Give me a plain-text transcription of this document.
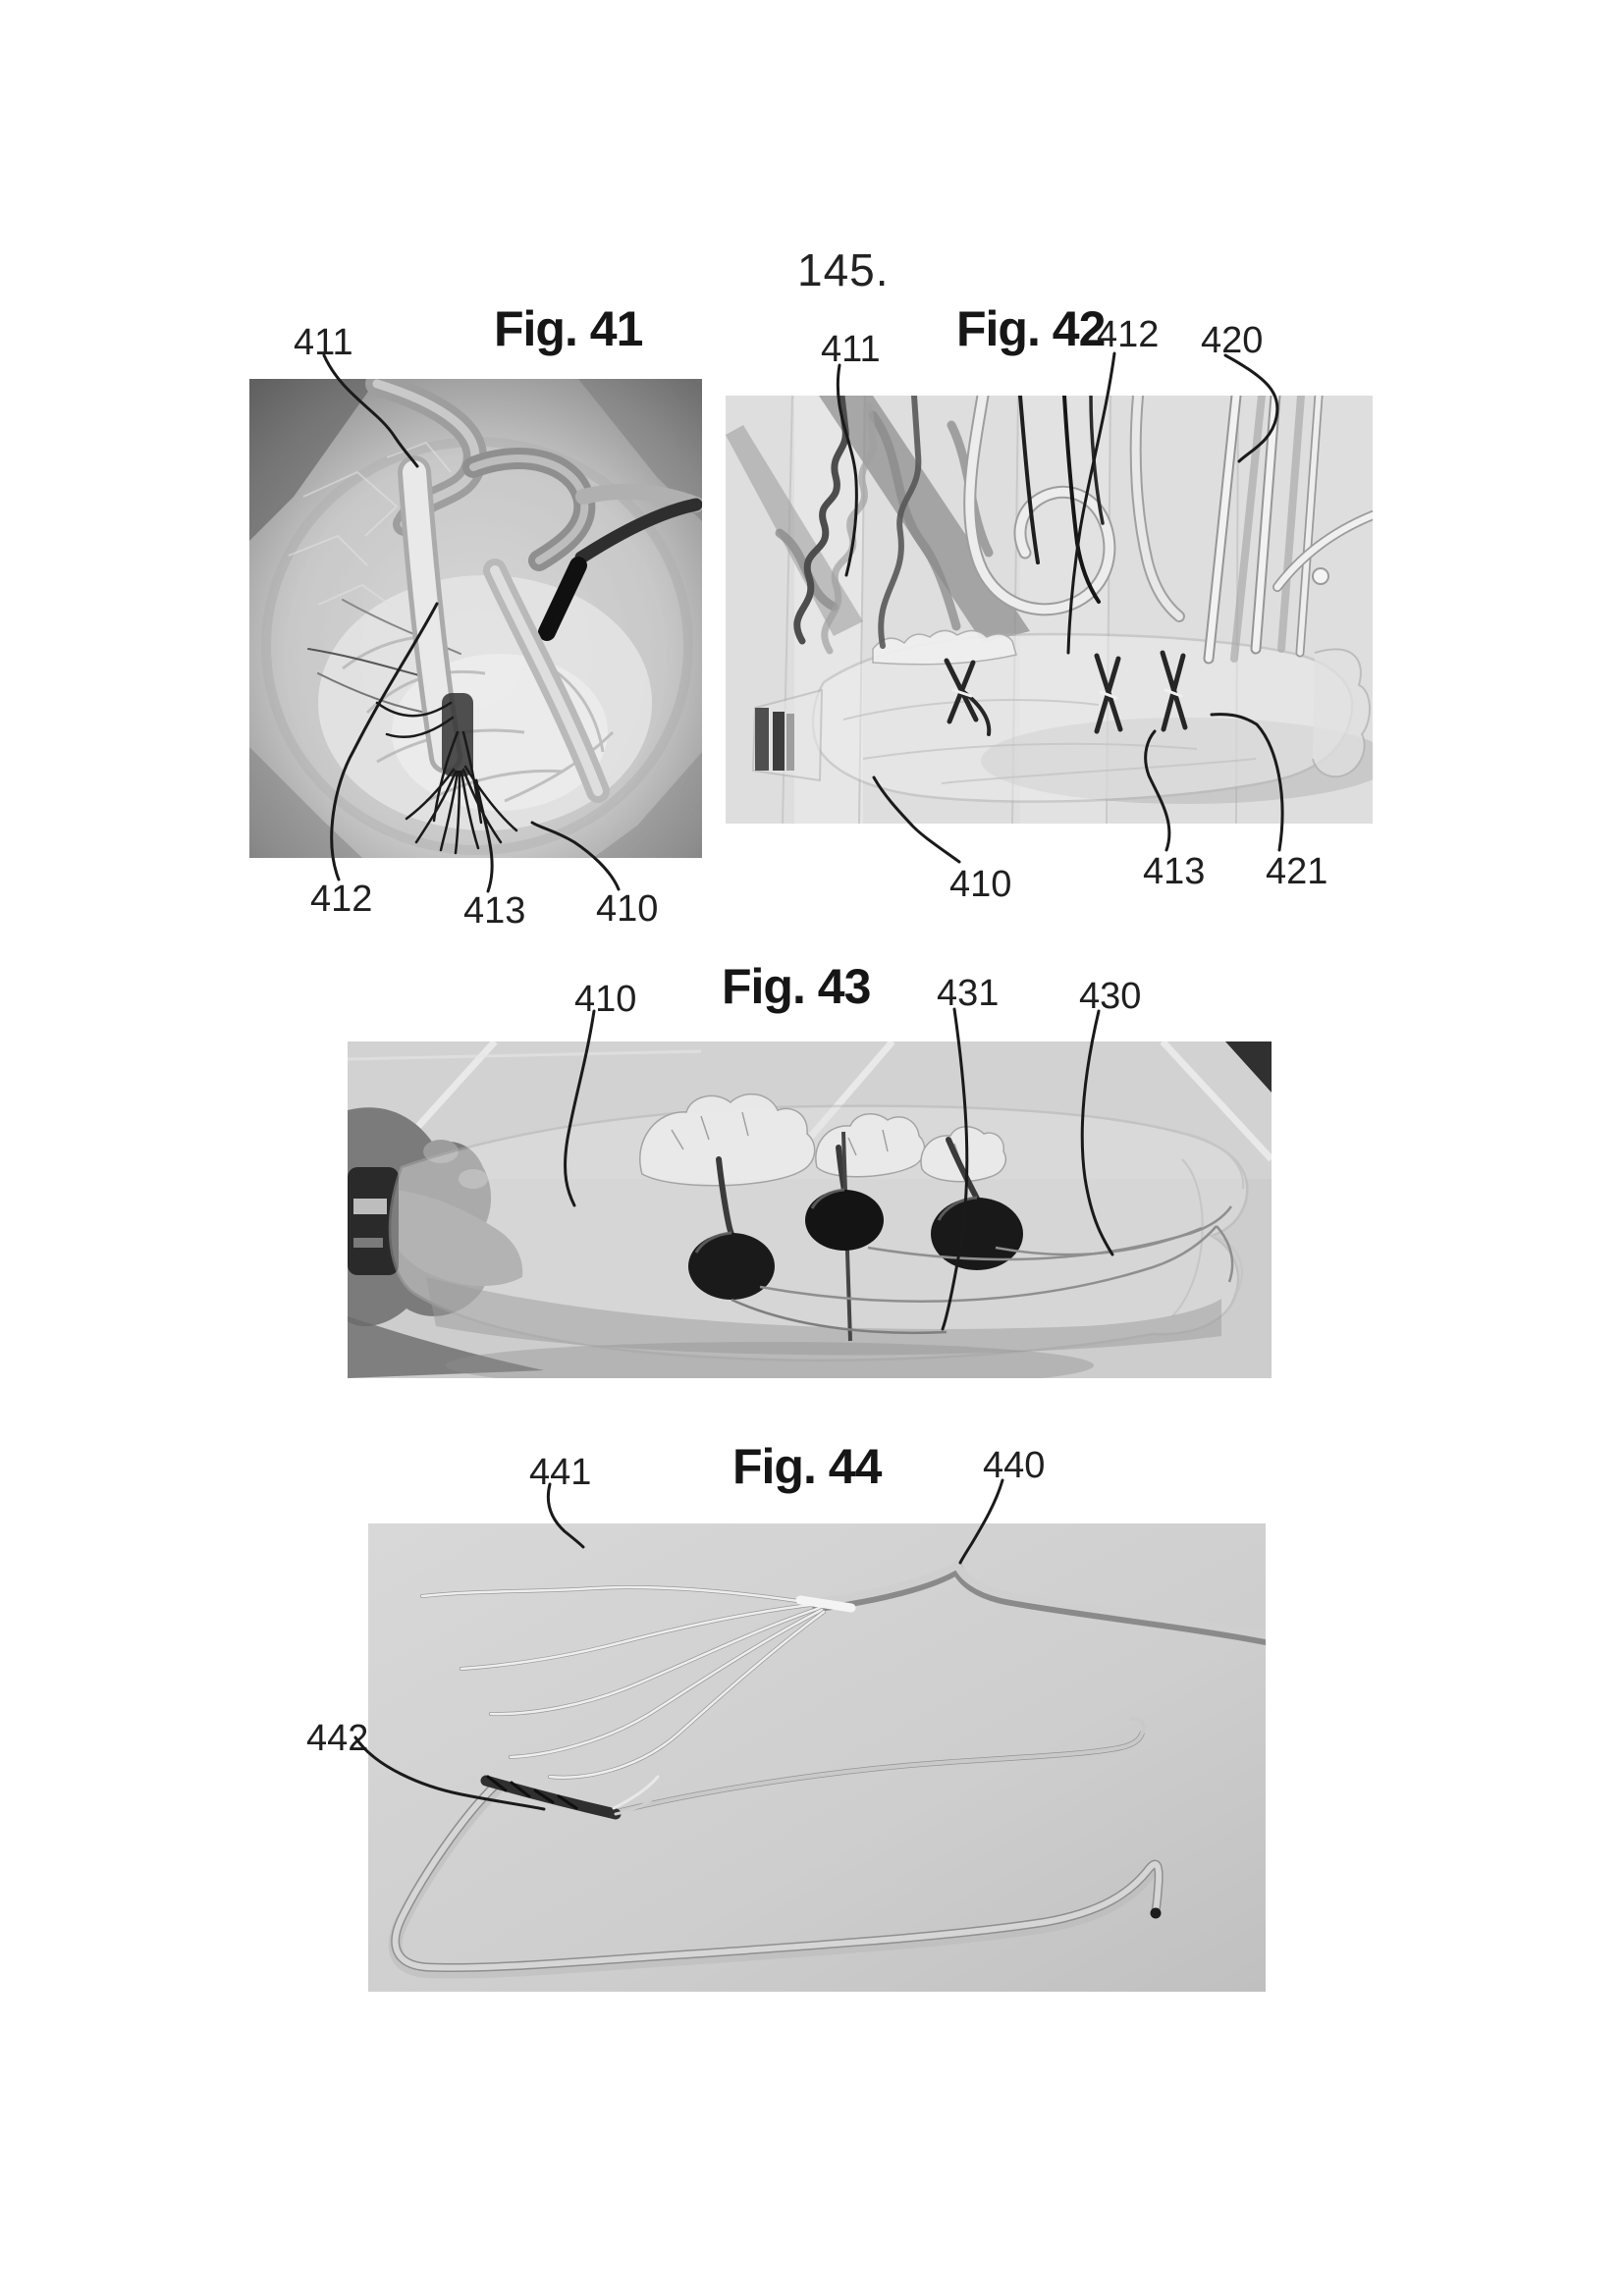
145.
Fig. 41	Fig. 42
411
412 413 410
411	412 420
410	413 421
Fig. 43
410	431 430
Fig. 44
441	440
442
